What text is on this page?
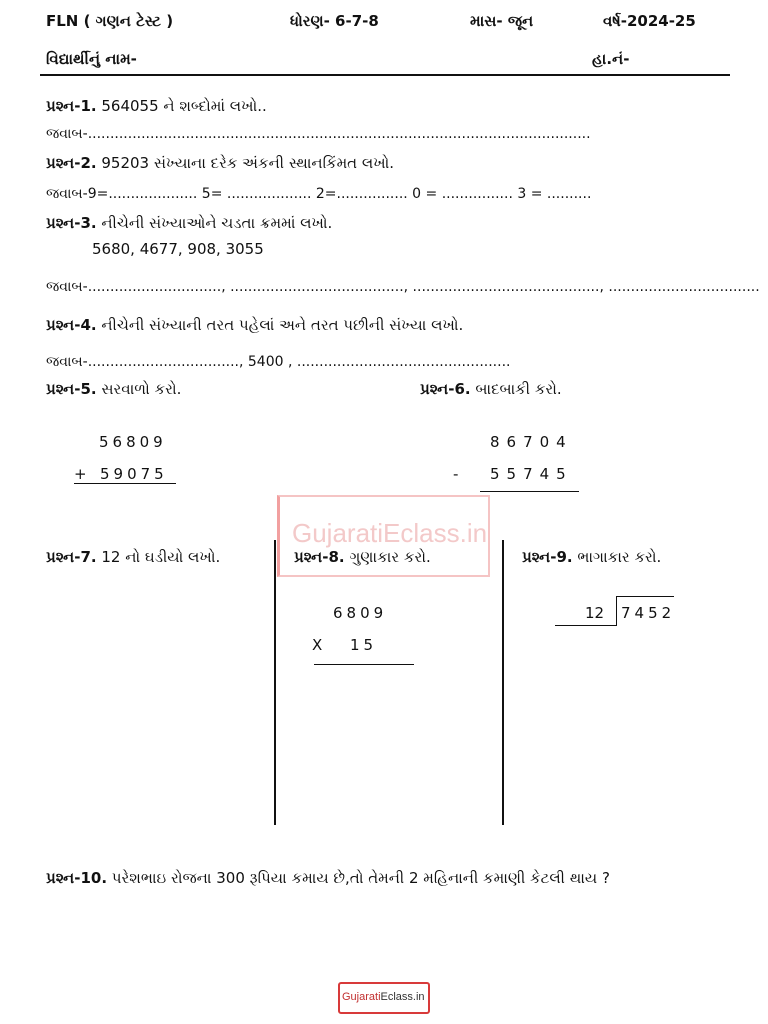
FLN ( ગણન ટેસ્ટ )	ધોરણ- 6-7-8	માસ- જૂન	વર્ષ-2024-25
વિદ્યાર્થીનું નામ-	હા.નં-
પ્રશ્ન-1. 564055 ને શબ્દોમાં લખો..
જવાબ-.................................................................................................................
પ્રશ્ન-2. 95203 સંખ્યાના દરેક અંકની સ્થાનકિંમત લખો.
જવાબ-9=.................... 5= ................... 2=................ 0 = ................ 3 = ..........
પ્રશ્ન-3. નીચેની સંખ્યાઓને ચડતા ક્રમમાં લખો.
5680, 4677, 908, 3055
જવાબ-.............................., ......................................., .........................................., ..................................
પ્રશ્ન-4. નીચેની સંખ્યાની તરત પહેલાં અને તરત પછીની સંખ્યા લખો.
જવાબ-.................................., 5400 , ................................................
પ્રશ્ન-5. સરવાળો કરો.
56809
+ 59075
પ્રશ્ન-6. બાદબાકી કરો.
86704
- 55745
GujaratiEclass.in
પ્રશ્ન-7. 12 નો ઘડીયો લખો.	પ્રશ્ન-8. ગુણાકાર કરો.	પ્રશ્ન-9. ભાગાકાર કરો.
6809
X 15
12 7452
પ્રશ્ન-10. પરેશભાઇ રોજના 300 રૂપિયા કમાય છે,તો તેમની 2 મહિનાની કમાણી કેટલી થાય ?
GujaratiEclass.in
